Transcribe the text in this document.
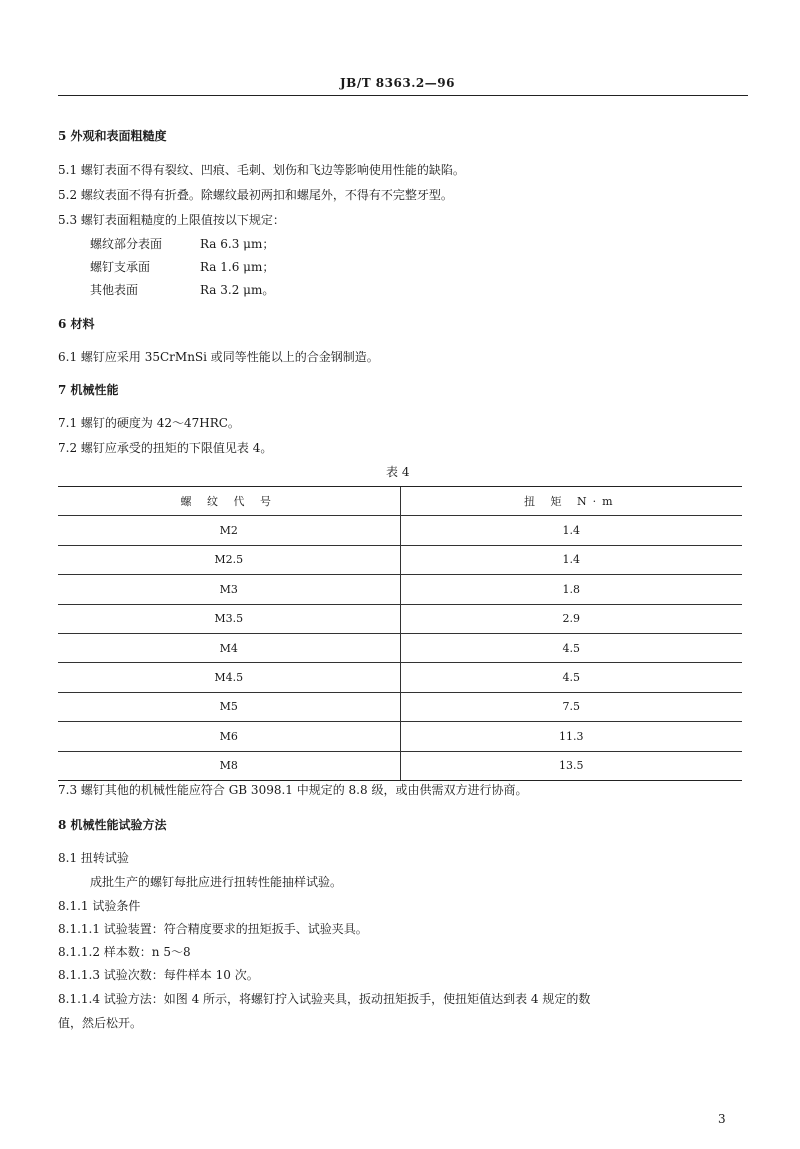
JB/T 8363.2—96
5 外观和表面粗糙度
5.1 螺钉表面不得有裂纹、凹痕、毛刺、划伤和飞边等影响使用性能的缺陷。
5.2 螺纹表面不得有折叠。除螺纹最初两扣和螺尾外，不得有不完整牙型。
5.3 螺钉表面粗糙度的上限值按以下规定：
螺纹部分表面	Ra 6.3 μm；
螺钉支承面	Ra 1.6 μm；
其他表面	Ra 3.2 μm。
6 材料
6.1 螺钉应采用 35CrMnSi 或同等性能以上的合金钢制造。
7 机械性能
7.1 螺钉的硬度为 42～47HRC。
7.2 螺钉应承受的扭矩的下限值见表 4。
表 4
螺 纹 代 号	扭 矩 N·m
M2	1.4
M2.5	1.4
M3	1.8
M3.5	2.9
M4	4.5
M4.5	4.5
M5	7.5
M6	11.3
M8	13.5
7.3 螺钉其他的机械性能应符合 GB 3098.1 中规定的 8.8 级，或由供需双方进行协商。
8 机械性能试验方法
8.1 扭转试验
成批生产的螺钉每批应进行扭转性能抽样试验。
8.1.1 试验条件
8.1.1.1 试验装置：符合精度要求的扭矩扳手、试验夹具。
8.1.1.2 样本数：n 5～8
8.1.1.3 试验次数：每件样本 10 次。
8.1.1.4 试验方法：如图 4 所示，将螺钉拧入试验夹具，扳动扭矩扳手，使扭矩值达到表 4 规定的数
值，然后松开。
3
